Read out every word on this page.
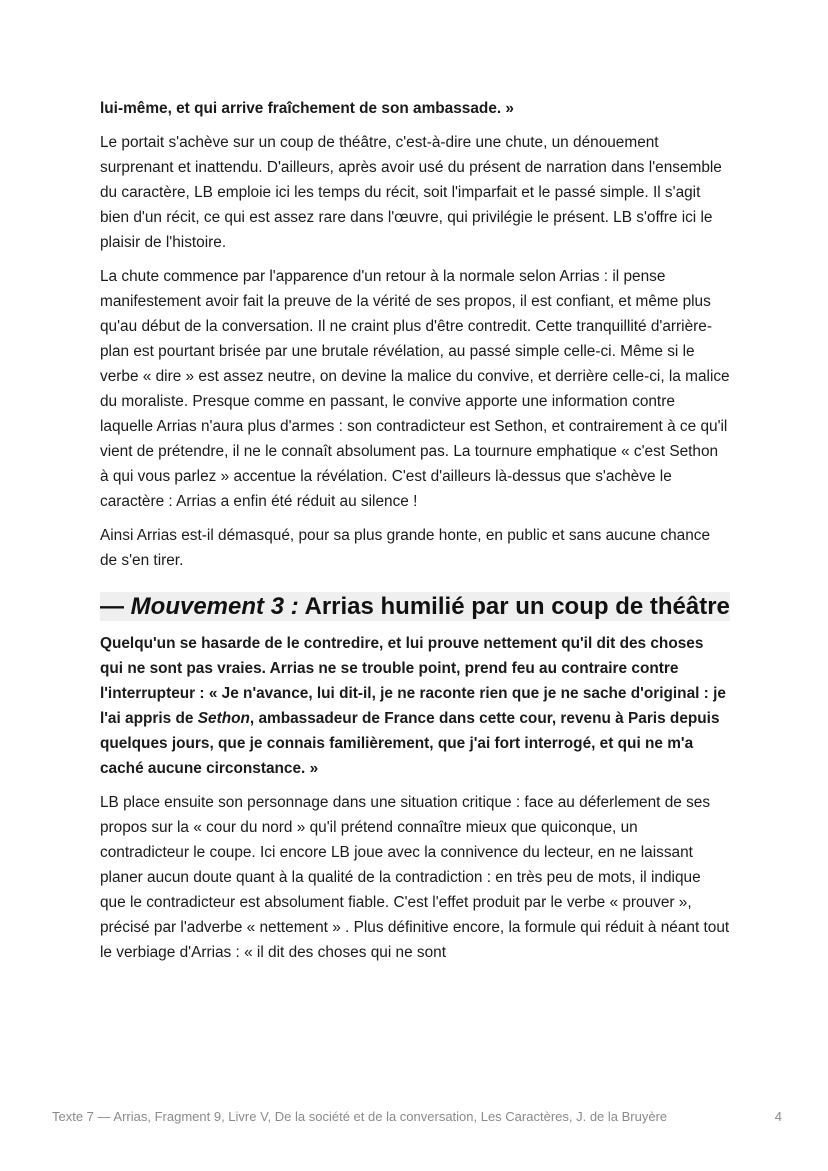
lui-même, et qui arrive fraîchement de son ambassade. »

Le portait s'achève sur un coup de théâtre, c'est-à-dire une chute, un dénouement surprenant et inattendu. D'ailleurs, après avoir usé du présent de narration dans l'ensemble du caractère, LB emploie ici les temps du récit, soit l'imparfait et le passé simple. Il s'agit bien d'un récit, ce qui est assez rare dans l'œuvre, qui privilégie le présent. LB s'offre ici le plaisir de l'histoire.

La chute commence par l'apparence d'un retour à la normale selon Arrias : il pense manifestement avoir fait la preuve de la vérité de ses propos, il est confiant, et même plus qu'au début de la conversation. Il ne craint plus d'être contredit. Cette tranquillité d'arrière-plan est pourtant brisée par une brutale révélation, au passé simple celle-ci. Même si le verbe « dire » est assez neutre, on devine la malice du convive, et derrière celle-ci, la malice du moraliste. Presque comme en passant, le convive apporte une information contre laquelle Arrias n'aura plus d'armes : son contradicteur est Sethon, et contrairement à ce qu'il vient de prétendre, il ne le connaît absolument pas. La tournure emphatique « c'est Sethon à qui vous parlez » accentue la révélation. C'est d'ailleurs là-dessus que s'achève le caractère : Arrias a enfin été réduit au silence !

Ainsi Arrias est-il démasqué, pour sa plus grande honte, en public et sans aucune chance de s'en tirer.

— Mouvement 3 : Arrias humilié par un coup de théâtre

Quelqu'un se hasarde de le contredire, et lui prouve nettement qu'il dit des choses qui ne sont pas vraies. Arrias ne se trouble point, prend feu au contraire contre l'interrupteur : « Je n'avance, lui dit-il, je ne raconte rien que je ne sache d'original : je l'ai appris de Sethon, ambassadeur de France dans cette cour, revenu à Paris depuis quelques jours, que je connais familièrement, que j'ai fort interrogé, et qui ne m'a caché aucune circonstance. »

LB place ensuite son personnage dans une situation critique : face au déferlement de ses propos sur la « cour du nord » qu'il prétend connaître mieux que quiconque, un contradicteur le coupe. Ici encore LB joue avec la connivence du lecteur, en ne laissant planer aucun doute quant à la qualité de la contradiction : en très peu de mots, il indique que le contradicteur est absolument fiable. C'est l'effet produit par le verbe « prouver », précisé par l'adverbe « nettement » . Plus définitive encore, la formule qui réduit à néant tout le verbiage d'Arrias : « il dit des choses qui ne sont

Texte 7 — Arrias, Fragment 9, Livre V, De la société et de la conversation, Les Caractères, J. de la Bruyère	4
